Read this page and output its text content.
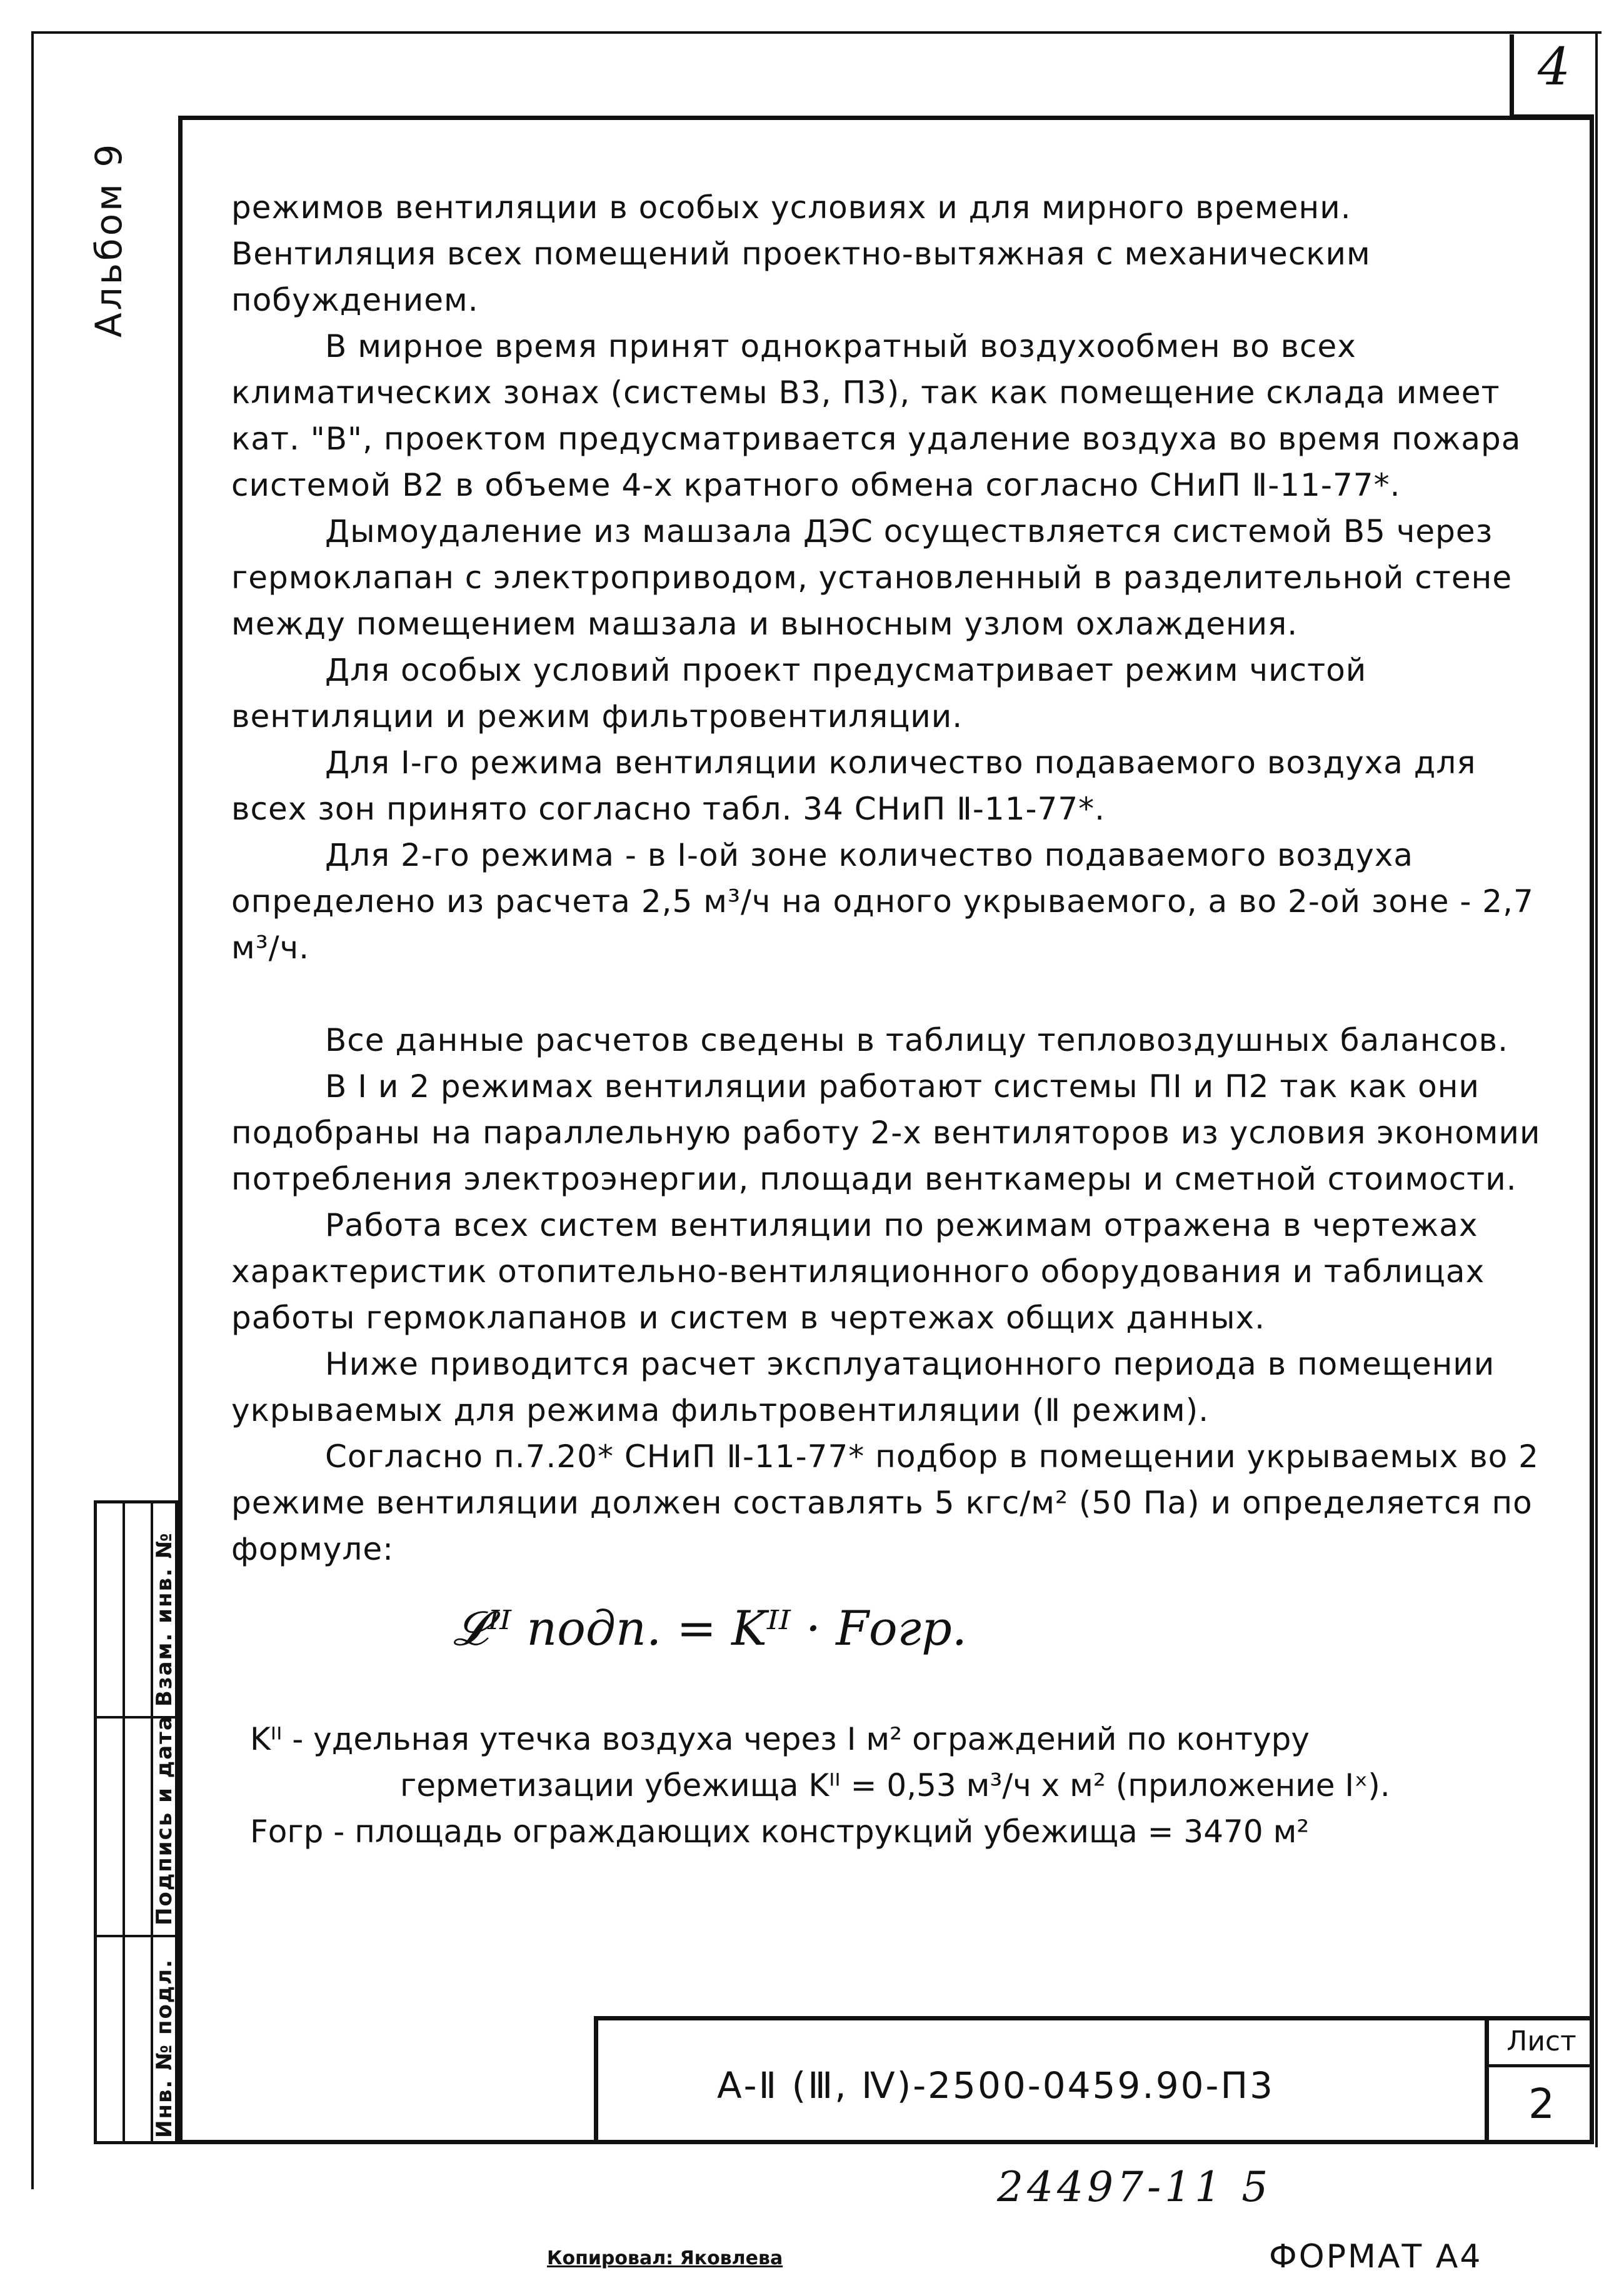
4
Альбом 9	режимов вентиляции в особых условиях и для мирного времени. Вентиляция всех помещений проектно-вытяжная с механическим побуждением.

В мирное время принят однократный воздухообмен во всех климатических зонах (системы В3, П3), так как помещение склада имеет кат. "В", проектом предусматривается удаление воздуха во время пожара системой В2 в объеме 4-х кратного обмена согласно СНиП Ⅱ-11-77*.

Дымоудаление из машзала ДЭС осуществляется системой В5 через гермоклапан с электроприводом, установленный в разделительной стене между помещением машзала и выносным узлом охлаждения.

Для особых условий проект предусматривает режим чистой вентиляции и режим фильтровентиляции.

Для Ⅰ-го режима вентиляции количество подаваемого воздуха для всех зон принято согласно табл. 34 СНиП Ⅱ-11-77*.

Для 2-го режима - в Ⅰ-ой зоне количество подаваемого воздуха определено из расчета 2,5 м³/ч на одного укрываемого, а во 2-ой зоне - 2,7 м³/ч.

Все данные расчетов сведены в таблицу тепловоздушных балансов.

В Ⅰ и 2 режимах вентиляции работают системы ПⅠ и П2 так как они подобраны на параллельную работу 2-х вентиляторов из условия экономии потребления электроэнергии, площади венткамеры и сметной стоимости.

Работа всех систем вентиляции по режимам отражена в чертежах характеристик отопительно-вентиляционного оборудования и таблицах работы гермоклапанов и систем в чертежах общих данных.

Ниже приводится расчет эксплуатационного периода в помещении укрываемых для режима фильтровентиляции (Ⅱ режим).

Согласно п.7.20* СНиП Ⅱ-11-77* подбор в помещении укрываемых во 2 режиме вентиляции должен составлять 5 кгс/м² (50 Па) и определяется по формуле:

𝓛ᴵᴵ подп. = Kᴵᴵ · Fогр.

Kᴵᴵ - удельная утечка воздуха через Ⅰ м² ограждений по контуру

герметизации убежища Kᴵᴵ = 0,53 м³/ч х м² (приложение Ⅰˣ).

Fогр - площадь ограждающих конструкций убежища = 3470 м²

Инв. № подл.
Подпись и дата
Взам. инв. №
А-Ⅱ (Ⅲ, Ⅳ)-2500-0459.90-П3
Лист
2
24497-11 5
Копировал: Яковлева	ФОРМАТ А4
